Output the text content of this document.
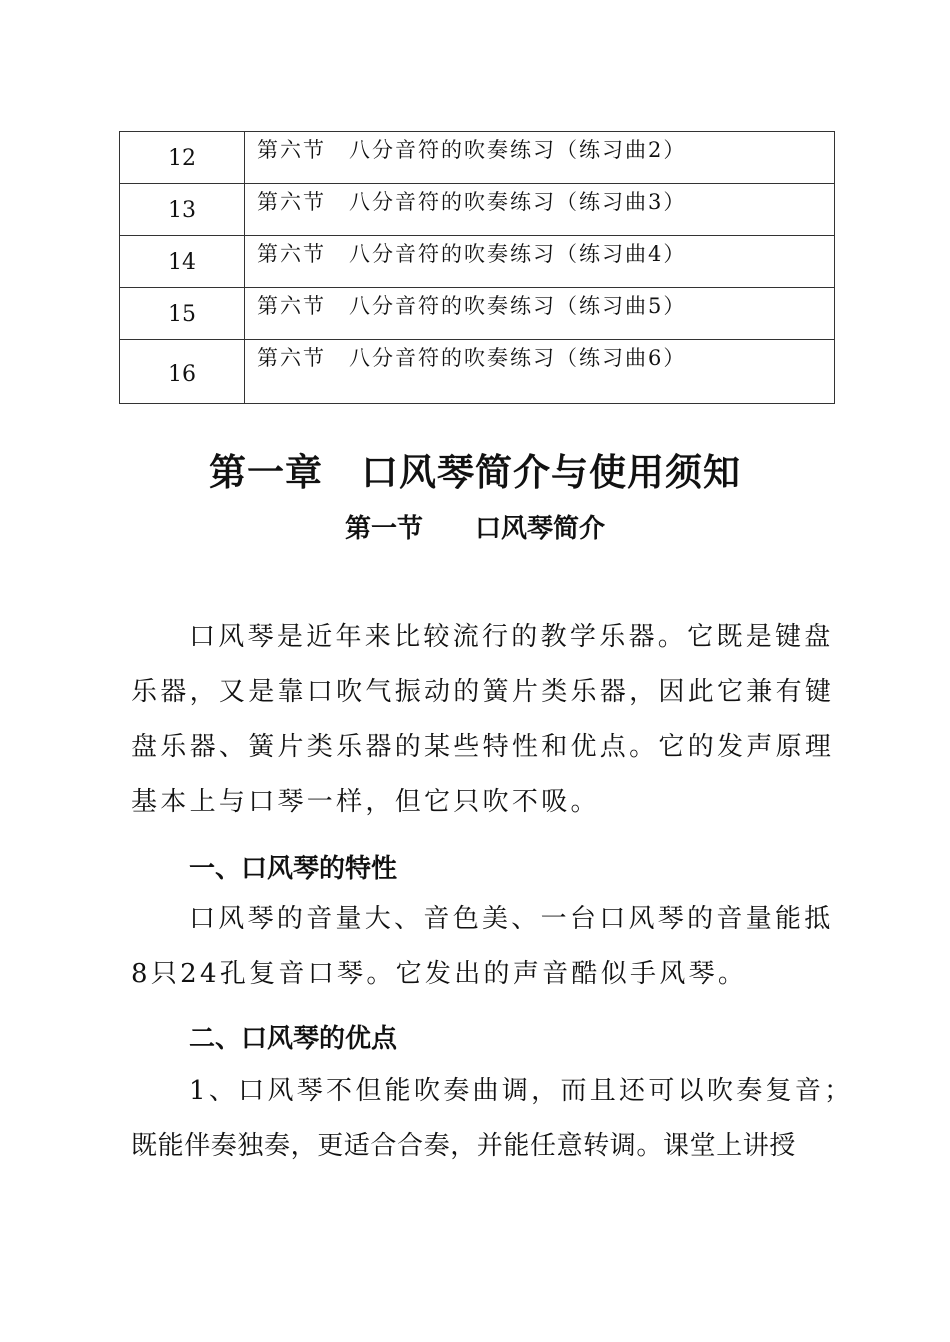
12	第六节　八分音符的吹奏练习（练习曲2）

13	第六节　八分音符的吹奏练习（练习曲3）

14	第六节　八分音符的吹奏练习（练习曲4）

15	第六节　八分音符的吹奏练习（练习曲5）

16	第六节　八分音符的吹奏练习（练习曲6）
第一章　口风琴简介与使用须知
第一节　　口风琴简介

口风琴是近年来比较流行的教学乐器。它既是键盘
乐器，又是靠口吹气振动的簧片类乐器，因此它兼有键
盘乐器、簧片类乐器的某些特性和优点。它的发声原理
基本上与口琴一样，但它只吹不吸。

一、口风琴的特性

口风琴的音量大、音色美、一台口风琴的音量能抵
8只24孔复音口琴。它发出的声音酷似手风琴。

二、口风琴的优点

1、口风琴不但能吹奏曲调，而且还可以吹奏复音；
既能伴奏独奏，更适合合奏，并能任意转调。课堂上讲授
